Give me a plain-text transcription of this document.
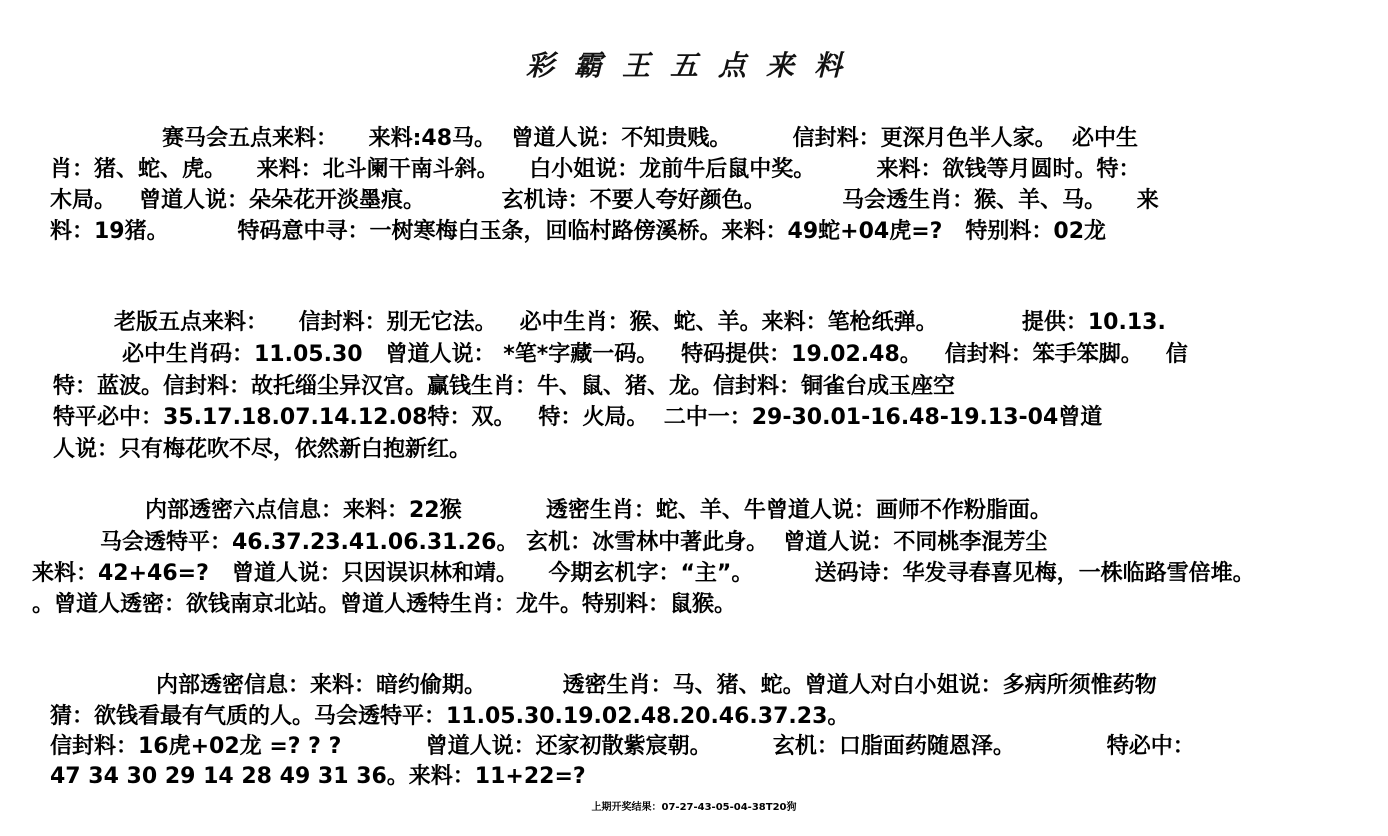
彩霸王五点来料
赛马会五点来料：    来料:48马。  曾道人说：不知贵贱。        信封料：更深月色半人家。  必中生
肖：猪、蛇、虎。    来料：北斗阑干南斗斜。    白小姐说：龙前牛后鼠中奖。        来料：欲钱等月圆时。特：
木局。   曾道人说：朵朵花开淡墨痕。          玄机诗：不要人夸好颜色。          马会透生肖：猴、羊、马。    来
料：19猪。         特码意中寻：一树寒梅白玉条，回临村路傍溪桥。来料：49蛇+04虎=?   特别料：02龙
老版五点来料：    信封料：别无它法。   必中生肖：猴、蛇、羊。来料：笔枪纸弹。           提供：10.13.
必中生肖码：11.05.30   曾道人说： *笔*字藏一码。   特码提供：19.02.48。   信封料：笨手笨脚。   信
特：蓝波。信封料：故托缁尘异汉宫。赢钱生肖：牛、鼠、猪、龙。信封料：铜雀台成玉座空
特平必中：35.17.18.07.14.12.08特：双。   特：火局。  二中一：29-30.01-16.48-19.13-04曾道
人说：只有梅花吹不尽，依然新白抱新红。
内部透密六点信息：来料：22猴           透密生肖：蛇、羊、牛曾道人说：画师不作粉脂面。
马会透特平：46.37.23.41.06.31.26。 玄机：冰雪林中著此身。  曾道人说：不同桃李混芳尘
来料：42+46=?   曾道人说：只因误识林和靖。    今期玄机字：“主”。        送码诗：华发寻春喜见梅，一株临路雪倍堆。
。曾道人透密：欲钱南京北站。曾道人透特生肖：龙牛。特别料：鼠猴。
内部透密信息：来料：暗约偷期。          透密生肖：马、猪、蛇。曾道人对白小姐说：多病所须惟药物
猜：欲钱看最有气质的人。马会透特平：11.05.30.19.02.48.20.46.37.23。
信封料：16虎+02龙 =? ? ?           曾道人说：还家初散紫宸朝。        玄机：口脂面药随恩泽。            特必中：
47 34 30 29 14 28 49 31 36。来料：11+22=?
上期开奖结果：07-27-43-05-04-38T20狗
